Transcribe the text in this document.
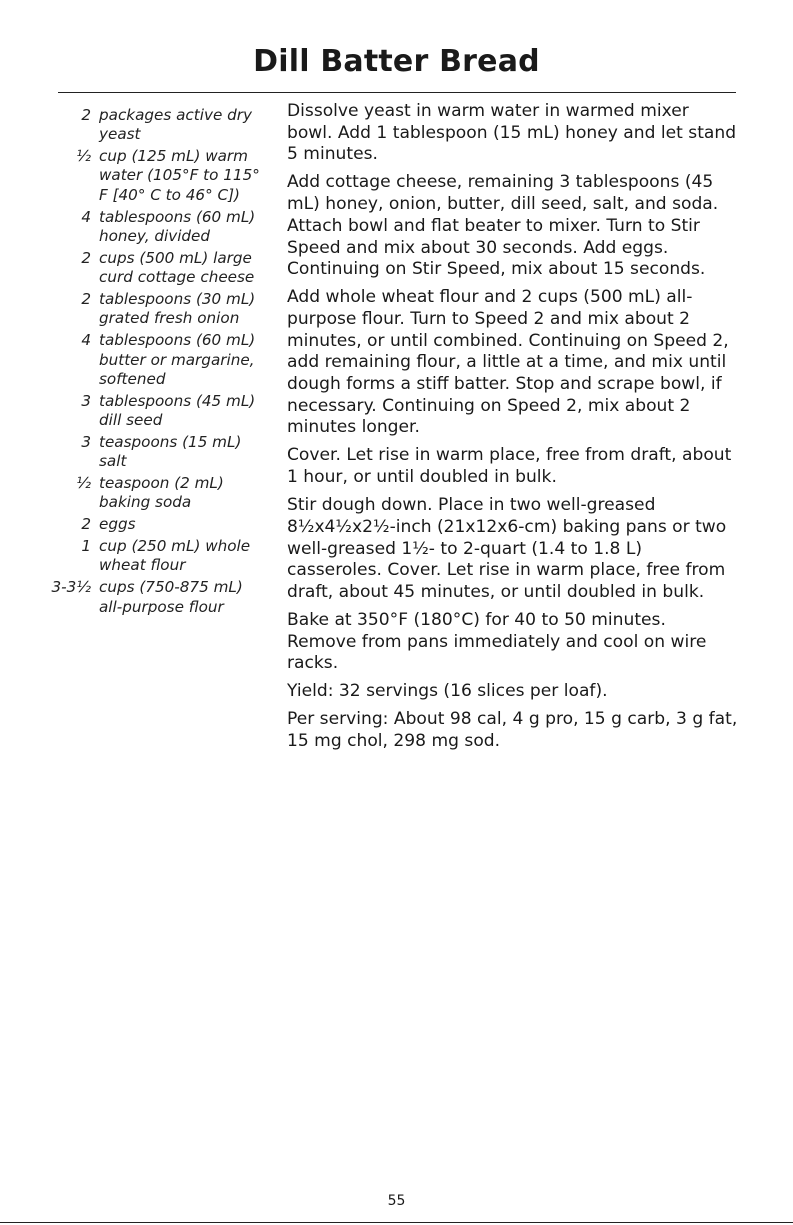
Dill Batter Bread
2 packages active dry yeast
½ cup (125 mL) warm water (105°F to 115° F [40° C to 46° C])
4 tablespoons (60 mL) honey, divided
2 cups (500 mL) large curd cottage cheese
2 tablespoons (30 mL) grated fresh onion
4 tablespoons (60 mL) butter or margarine, softened
3 tablespoons (45 mL) dill seed
3 teaspoons (15 mL) salt
½ teaspoon (2 mL) baking soda
2 eggs
1 cup (250 mL) whole wheat flour
3-3½ cups (750-875 mL) all-purpose flour

Dissolve yeast in warm water in warmed mixer bowl. Add 1 tablespoon (15 mL) honey and let stand 5 minutes.

Add cottage cheese, remaining 3 tablespoons (45 mL) honey, onion, butter, dill seed, salt, and soda. Attach bowl and flat beater to mixer. Turn to Stir Speed and mix about 30 seconds. Add eggs. Continuing on Stir Speed, mix about 15 seconds.

Add whole wheat flour and 2 cups (500 mL) all-purpose flour. Turn to Speed 2 and mix about 2 minutes, or until combined. Continuing on Speed 2, add remaining flour, a little at a time, and mix until dough forms a stiff batter. Stop and scrape bowl, if necessary. Continuing on Speed 2, mix about 2 minutes longer.

Cover. Let rise in warm place, free from draft, about 1 hour, or until doubled in bulk.

Stir dough down. Place in two well-greased 8½x4½x2½-inch (21x12x6-cm) baking pans or two well-greased 1½- to 2-quart (1.4 to 1.8 L) casseroles. Cover. Let rise in warm place, free from draft, about 45 minutes, or until doubled in bulk.

Bake at 350°F (180°C) for 40 to 50 minutes. Remove from pans immediately and cool on wire racks.

Yield: 32 servings (16 slices per loaf).

Per serving: About 98 cal, 4 g pro, 15 g carb, 3 g fat, 15 mg chol, 298 mg sod.

55
